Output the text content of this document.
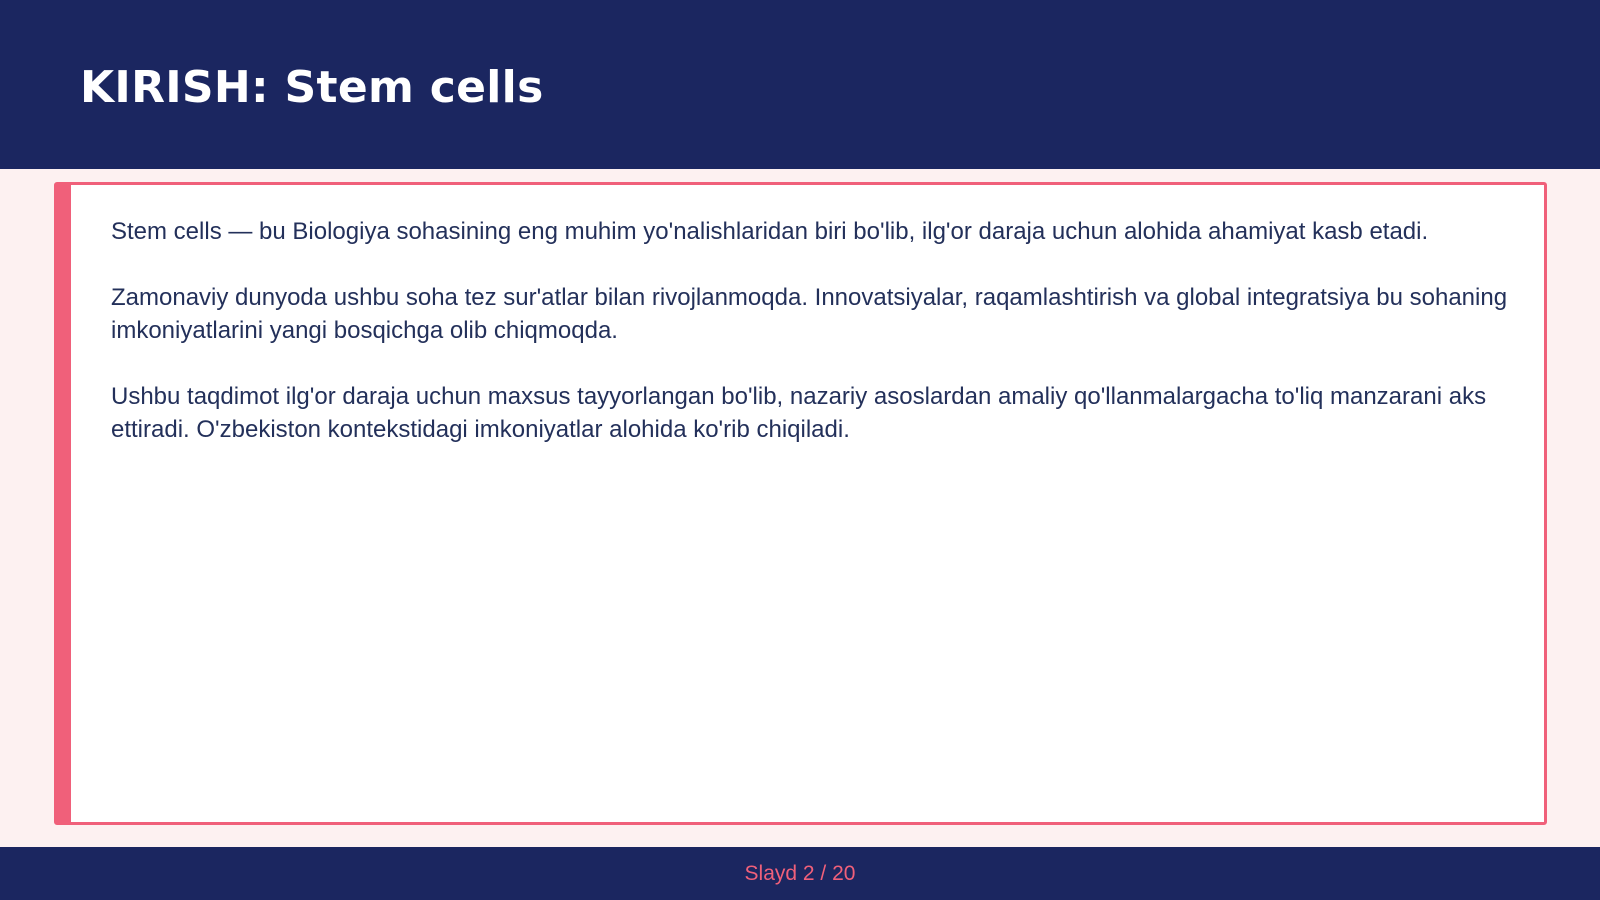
KIRISH: Stem cells

Stem cells — bu Biologiya sohasining eng muhim yo'nalishlaridan biri bo'lib, ilg'or daraja uchun alohida ahamiyat kasb etadi.

Zamonaviy dunyoda ushbu soha tez sur'atlar bilan rivojlanmoqda. Innovatsiyalar, raqamlashtirish va global integratsiya bu sohaning imkoniyatlarini yangi bosqichga olib chiqmoqda.

Ushbu taqdimot ilg'or daraja uchun maxsus tayyorlangan bo'lib, nazariy asoslardan amaliy qo'llanmalargacha to'liq manzarani aks ettiradi. O'zbekiston kontekstidagi imkoniyatlar alohida ko'rib chiqiladi.

Slayd 2 / 20
